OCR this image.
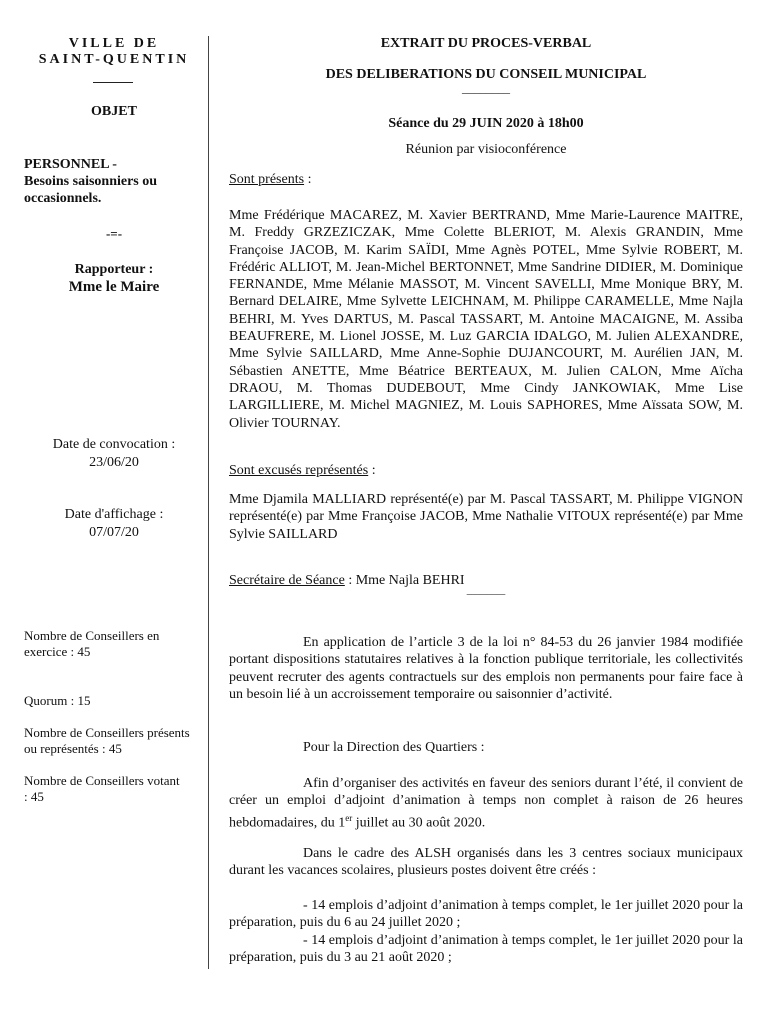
VILLE DE
SAINT-QUENTIN
OBJET
PERSONNEL -
Besoins saisonniers ou occasionnels.
-=-
Rapporteur :
Mme le Maire
Date de convocation :
23/06/20
Date d'affichage :
07/07/20
Nombre de Conseillers en exercice : 45
Quorum : 15
Nombre de Conseillers présents ou représentés : 45
Nombre de Conseillers votant : 45
EXTRAIT DU PROCES-VERBAL
DES DELIBERATIONS DU CONSEIL MUNICIPAL
________
Séance du 29 JUIN 2020 à 18h00
Réunion par visioconférence
Sont présents :

Mme Frédérique MACAREZ, M. Xavier BERTRAND, Mme Marie-Laurence MAITRE, M. Freddy GRZEZICZAK, Mme Colette BLERIOT, M. Alexis GRANDIN, Mme Françoise JACOB, M. Karim SAÏDI, Mme Agnès POTEL, Mme Sylvie ROBERT, M. Frédéric ALLIOT, M. Jean-Michel BERTONNET, Mme Sandrine DIDIER, M. Dominique FERNANDE, Mme Mélanie MASSOT, M. Vincent SAVELLI, Mme Monique BRY, M. Bernard DELAIRE, Mme Sylvette LEICHNAM, M. Philippe CARAMELLE, Mme Najla BEHRI, M. Yves DARTUS, M. Pascal TASSART, M. Antoine MACAIGNE, M. Assiba BEAUFRERE, M. Lionel JOSSE, M. Luz GARCIA IDALGO, M. Julien ALEXANDRE, Mme Sylvie SAILLARD, Mme Anne-Sophie DUJANCOURT, M. Aurélien JAN, M. Sébastien ANETTE, Mme Béatrice BERTEAUX, M. Julien CALON, Mme Aïcha DRAOU, M. Thomas DUDEBOUT, Mme Cindy JANKOWIAK, Mme Lise LARGILLIERE, M. Michel MAGNIEZ, M. Louis SAPHORES, Mme Aïssata SOW, M. Olivier TOURNAY.

Sont excusés représentés :

Mme Djamila MALLIARD représenté(e) par M. Pascal TASSART, M. Philippe VIGNON représenté(e) par Mme Françoise JACOB, Mme Nathalie VITOUX représenté(e) par Mme Sylvie SAILLARD

Secrétaire de Séance : Mme Najla BEHRI
_______

En application de l’article 3 de la loi n° 84-53 du 26 janvier 1984 modifiée portant dispositions statutaires relatives à la fonction publique territoriale, les collectivités peuvent recruter des agents contractuels sur des emplois non permanents pour faire face à un besoin lié à un accroissement temporaire ou saisonnier d’activité.

Pour la Direction des Quartiers :

Afin d’organiser des activités en faveur des seniors durant l’été, il convient de créer un emploi d’adjoint d’animation à temps non complet à raison de 26 heures hebdomadaires, du 1er juillet au 30 août 2020.

Dans le cadre des ALSH organisés dans les 3 centres sociaux municipaux durant les vacances scolaires, plusieurs postes doivent être créés :

- 14 emplois d’adjoint d’animation à temps complet, le 1er juillet 2020 pour la préparation, puis du 6 au 24 juillet 2020 ;

- 14 emplois d’adjoint d’animation à temps complet, le 1er juillet 2020 pour la préparation, puis du 3 au 21 août 2020 ;
